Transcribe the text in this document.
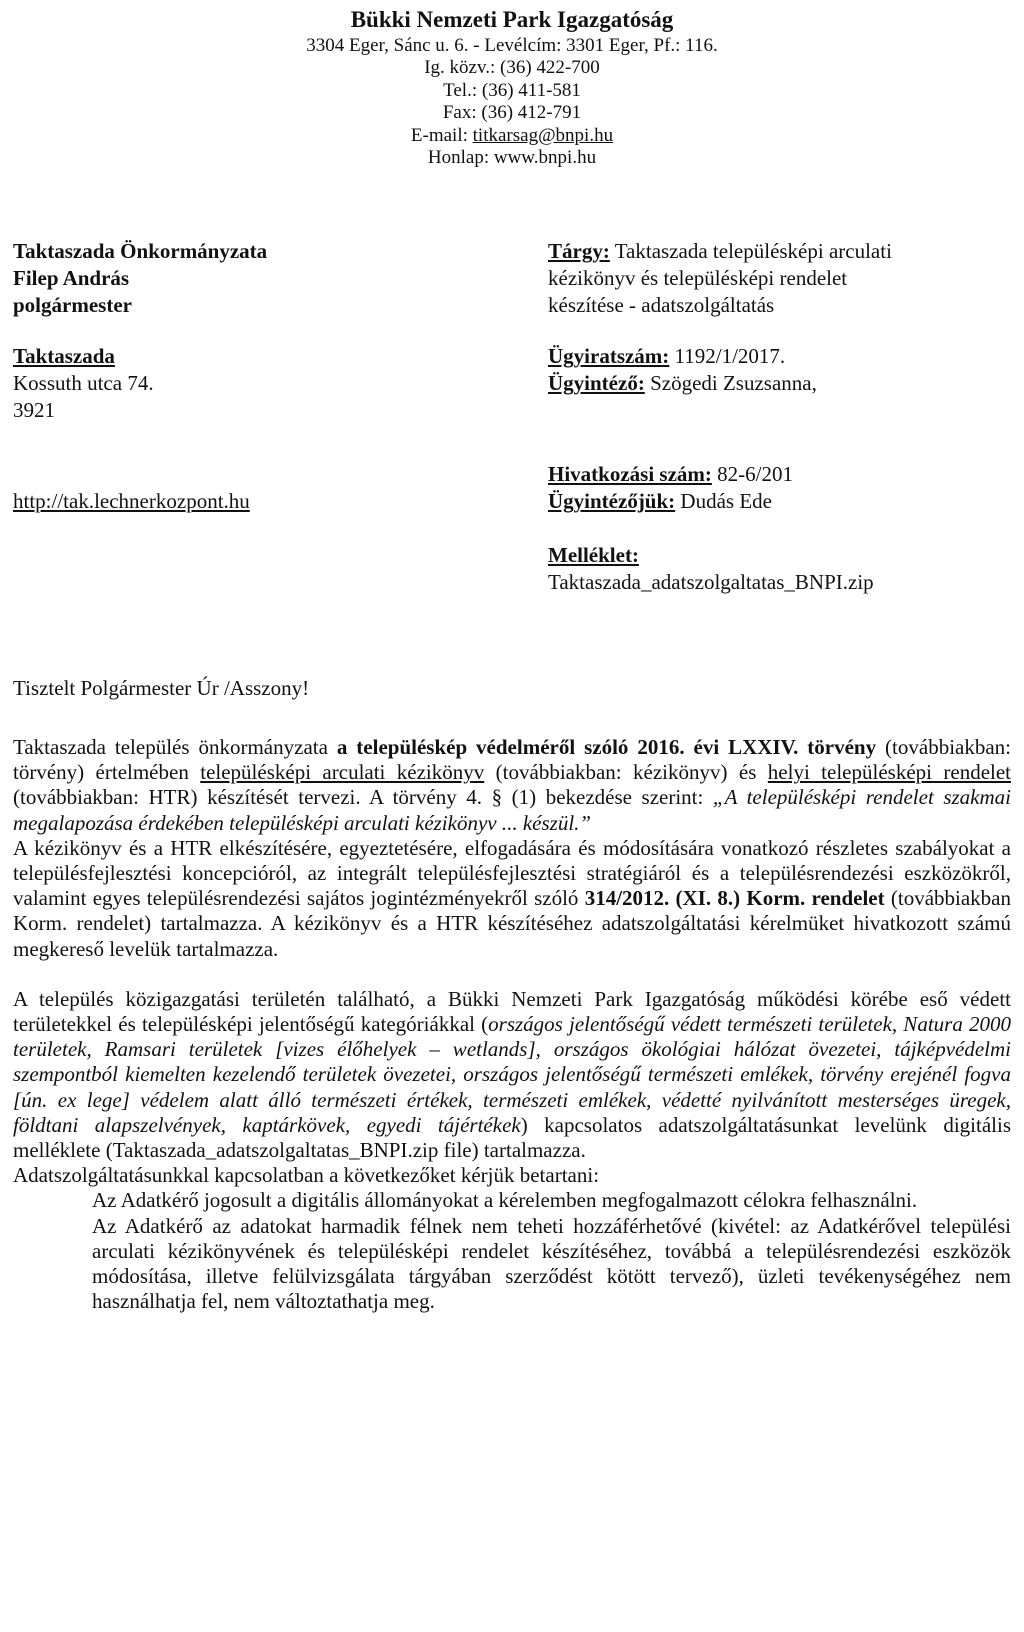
Bükki Nemzeti Park Igazgatóság
3304 Eger, Sánc u. 6. - Levélcím: 3301 Eger, Pf.: 116.
Ig. közv.: (36) 422-700
Tel.: (36) 411-581
Fax: (36) 412-791
E-mail: titkarsag@bnpi.hu
Honlap: www.bnpi.hu

Taktaszada Önkormányzata

Filep András

polgármester

Taktaszada

Kossuth utca 74.

3921

http://tak.lechnerkozpont.hu

Tárgy: Taktaszada településképi arculati

kézikönyv és településképi rendelet

készítése - adatszolgáltatás

Ügyiratszám: 1192/1/2017.

Ügyintéző: Szögedi Zsuzsanna,

Hivatkozási szám: 82-6/201

Ügyintézőjük: Dudás Ede

Melléklet:

Taktaszada_adatszolgaltatas_BNPI.zip

Tisztelt Polgármester Úr /Asszony!

Taktaszada település önkormányzata a településkép védelméről szóló 2016. évi LXXIV. törvény (továbbiakban: törvény) értelmében településképi arculati kézikönyv (továbbiakban: kézikönyv) és helyi településképi rendelet (továbbiakban: HTR) készítését tervezi. A törvény 4. § (1) bekezdése szerint: „A településképi rendelet szakmai megalapozása érdekében településképi arculati kézikönyv ... készül.”

A kézikönyv és a HTR elkészítésére, egyeztetésére, elfogadására és módosítására vonatkozó részletes szabályokat a településfejlesztési koncepcióról, az integrált településfejlesztési stratégiáról és a településrendezési eszközökről, valamint egyes településrendezési sajátos jogintézményekről szóló 314/2012. (XI. 8.) Korm. rendelet (továbbiakban Korm. rendelet) tartalmazza. A kézikönyv és a HTR készítéséhez adatszolgáltatási kérelmüket hivatkozott számú megkereső levelük tartalmazza.

A település közigazgatási területén található, a Bükki Nemzeti Park Igazgatóság működési körébe eső védett területekkel és településképi jelentőségű kategóriákkal (országos jelentőségű védett természeti területek, Natura 2000 területek, Ramsari területek [vizes élőhelyek – wetlands], országos ökológiai hálózat övezetei, tájképvédelmi szempontból kiemelten kezelendő területek övezetei, országos jelentőségű természeti emlékek, törvény erejénél fogva [ún. ex lege] védelem alatt álló természeti értékek, természeti emlékek, védetté nyilvánított mesterséges üregek, földtani alapszelvények, kaptárkövek, egyedi tájértékek) kapcsolatos adatszolgáltatásunkat levelünk digitális melléklete (Taktaszada_adatszolgaltatas_BNPI.zip file) tartalmazza.

Adatszolgáltatásunkkal kapcsolatban a következőket kérjük betartani:

Az Adatkérő jogosult a digitális állományokat a kérelemben megfogalmazott célokra felhasználni.

Az Adatkérő az adatokat harmadik félnek nem teheti hozzáférhetővé (kivétel: az Adatkérővel települési arculati kézikönyvének és településképi rendelet készítéséhez, továbbá a településrendezési eszközök módosítása, illetve felülvizsgálata tárgyában szerződést kötött tervező), üzleti tevékenységéhez nem használhatja fel, nem változtathatja meg.
